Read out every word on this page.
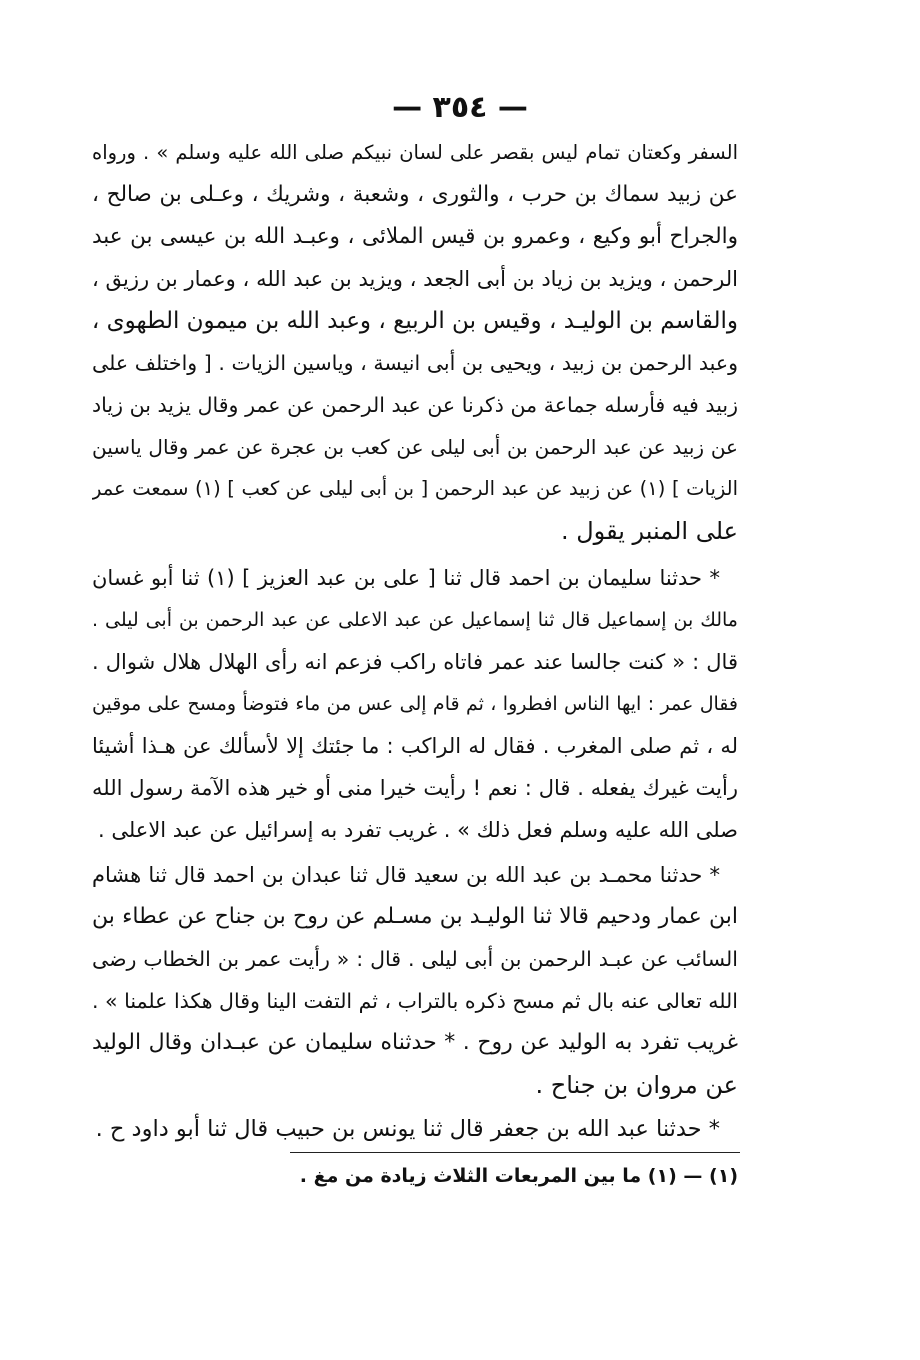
— ٣٥٤ —
السفر وكعتان تمام ليس بقصر على لسان نبيكم صلى الله عليه وسلم » . ورواه
عن زبيد سماك بن حرب ، والثورى ، وشعبة ، وشريك ، وعـلى بن صالح ،
والجراح أبو وكيع ، وعمرو بن قيس الملائى ، وعبـد الله بن عيسى بن عبد
الرحمن ، ويزيد بن زياد بن أبى الجعد ، ويزيد بن عبد الله ، وعمار بن رزيق ،
والقاسم بن الوليـد ، وقيس بن الربيع ، وعبد الله بن ميمون الطهوى ،
وعبد الرحمن بن زبيد ، ويحيى بن أبى انيسة ، وياسين الزيات . [ واختلف على
زبيد فيه فأرسله جماعة من ذكرنا عن عبد الرحمن عن عمر وقال يزيد بن زياد
عن زبيد عن عبد الرحمن بن أبى ليلى عن كعب بن عجرة عن عمر وقال ياسين
الزيات ] (١) عن زبيد عن عبد الرحمن [ بن أبى ليلى عن كعب ] (١) سمعت عمر
على المنبر يقول .
* حدثنا سليمان بن احمد قال ثنا [ على بن عبد العزيز ] (١) ثنا أبو غسان
مالك بن إسماعيل قال ثنا إسماعيل عن عبد الاعلى عن عبد الرحمن بن أبى ليلى .
قال : « كنت جالسا عند عمر فاتاه راكب فزعم انه رأى الهلال هلال شوال .
فقال عمر : ايها الناس افطروا ، ثم قام إلى عس من ماء فتوضأ ومسح على موقين
له ، ثم صلى المغرب . فقال له الراكب : ما جئتك إلا لأسألك عن هـذا أشيئا
رأيت غيرك يفعله . قال : نعم ! رأيت خيرا منى أو خير هذه الآمة رسول الله
صلى الله عليه وسلم فعل ذلك » . غريب تفرد به إسرائيل عن عبد الاعلى .
* حدثنا محمـد بن عبد الله بن سعيد قال ثنا عبدان بن احمد قال ثنا هشام
ابن عمار ودحيم قالا ثنا الوليـد بن مسـلم عن روح بن جناح عن عطاء بن
السائب عن عبـد الرحمن بن أبى ليلى . قال : « رأيت عمر بن الخطاب رضى
الله تعالى عنه بال ثم مسح ذكره بالتراب ، ثم التفت الينا وقال هكذا علمنا » .
غريب تفرد به الوليد عن روح . * حدثناه سليمان عن عبـدان وقال الوليد
عن مروان بن جناح .
* حدثنا عبد الله بن جعفر قال ثنا يونس بن حبيب قال ثنا أبو داود ح .
(١) — (١) ما بين المربعات الثلاث زيادة من مغ .
